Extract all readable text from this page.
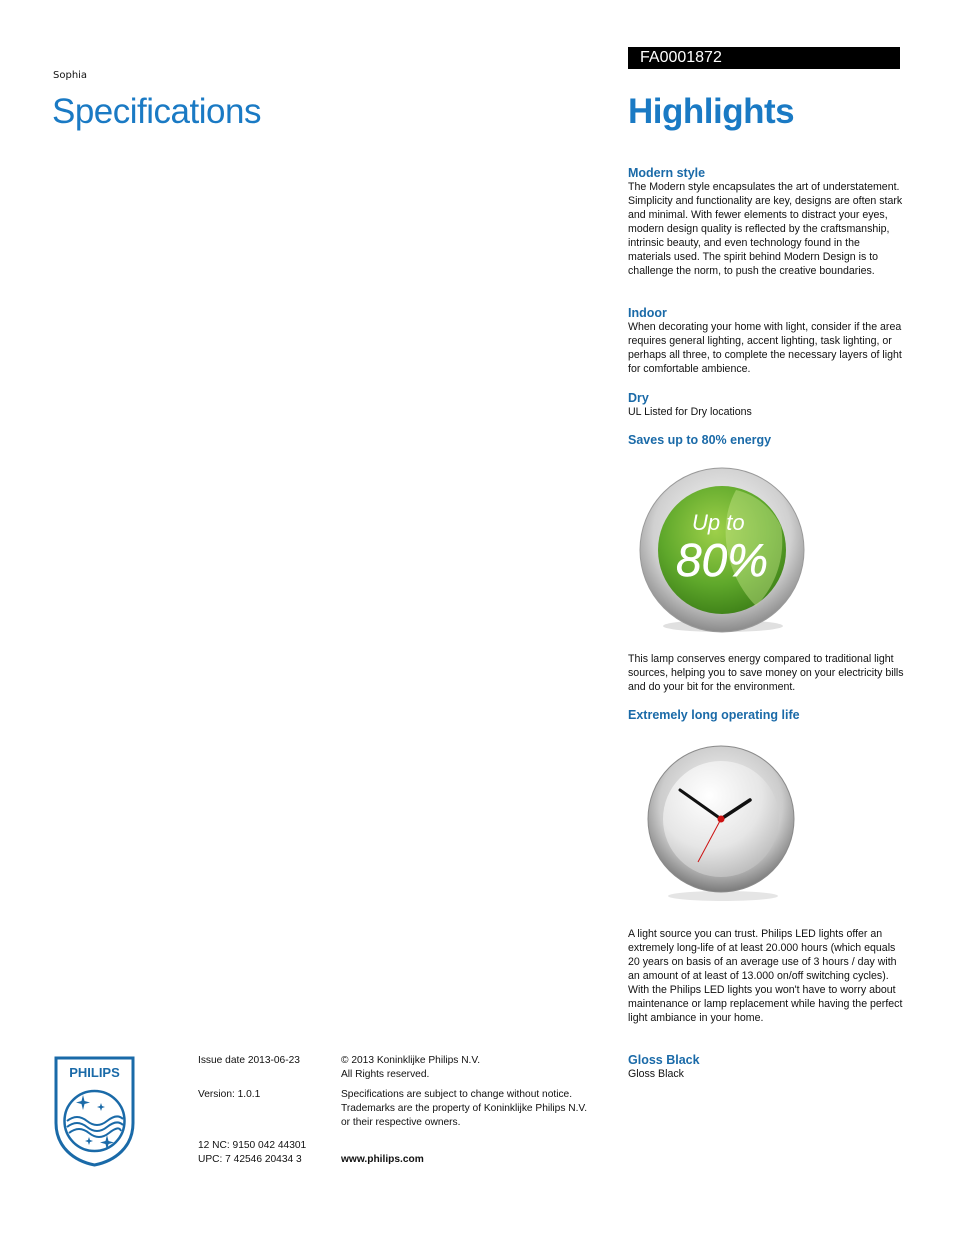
Sophia
Specifications
FA0001872
Highlights
Modern style

The Modern style encapsulates the art of understatement. Simplicity and functionality are key, designs are often stark and minimal. With fewer elements to distract your eyes, modern design quality is reflected by the craftsmanship, intrinsic beauty, and even technology found in the materials used. The spirit behind Modern Design is to challenge the norm, to push the creative boundaries.

Indoor

When decorating your home with light, consider if the area requires general lighting, accent lighting, task lighting, or perhaps all three, to complete the necessary layers of light for comfortable ambience.

Dry

UL Listed for Dry locations

Saves up to 80% energy
Up to
80%

This lamp conserves energy compared to traditional light sources, helping you to save money on your electricity bills and do your bit for the environment.

Extremely long operating life

A light source you can trust. Philips LED lights offer an extremely long-life of at least 20.000 hours (which equals 20 years on basis of an average use of 3 hours / day with an amount of at least of 13.000 on/off switching cycles). With the Philips LED lights you won't have to worry about maintenance or lamp replacement while having the perfect light ambiance in your home.

Gloss Black

Gloss Black

PHILIPS
Issue date 2013-06-23
Version: 1.0.1
12 NC: 9150 042 44301
UPC: 7 42546 20434 3
© 2013 Koninklijke Philips N.V.
All Rights reserved.
Specifications are subject to change without notice.
Trademarks are the property of Koninklijke Philips N.V.
or their respective owners.
www.philips.com
